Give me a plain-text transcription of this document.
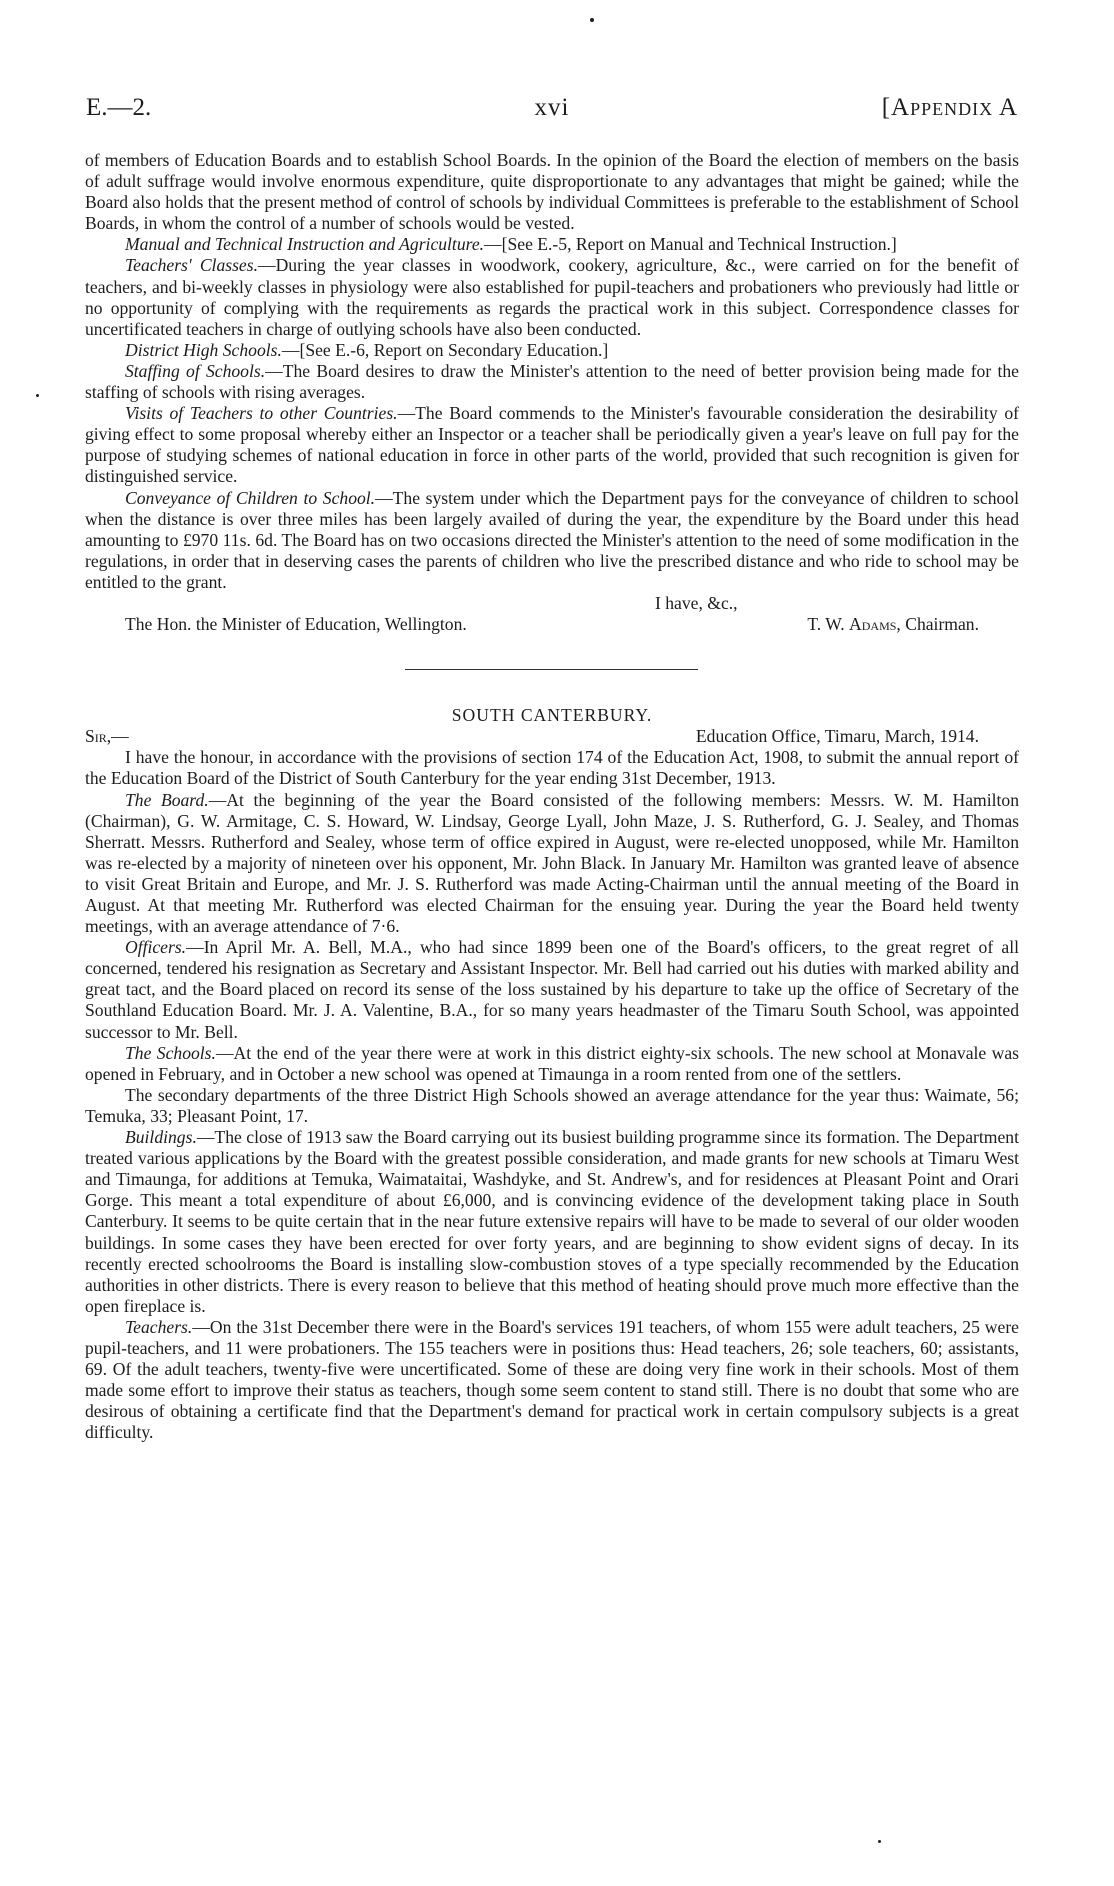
E.—2.	xvi	[Appendix A

of members of Education Boards and to establish School Boards. In the opinion of the Board the election of members on the basis of adult suffrage would involve enormous expenditure, quite disproportionate to any advantages that might be gained; while the Board also holds that the present method of control of schools by individual Committees is preferable to the establishment of School Boards, in whom the control of a number of schools would be vested.

Manual and Technical Instruction and Agriculture.—[See E.-5, Report on Manual and Technical Instruction.]

Teachers' Classes.—During the year classes in woodwork, cookery, agriculture, &c., were carried on for the benefit of teachers, and bi-weekly classes in physiology were also established for pupil-teachers and probationers who previously had little or no opportunity of complying with the requirements as regards the practical work in this subject. Correspondence classes for uncertificated teachers in charge of outlying schools have also been conducted.

District High Schools.—[See E.-6, Report on Secondary Education.]

Staffing of Schools.—The Board desires to draw the Minister's attention to the need of better provision being made for the staffing of schools with rising averages.

Visits of Teachers to other Countries.—The Board commends to the Minister's favourable consideration the desirability of giving effect to some proposal whereby either an Inspector or a teacher shall be periodically given a year's leave on full pay for the purpose of studying schemes of national education in force in other parts of the world, provided that such recognition is given for distinguished service.

Conveyance of Children to School.—The system under which the Department pays for the conveyance of children to school when the distance is over three miles has been largely availed of during the year, the expenditure by the Board under this head amounting to £970 11s. 6d. The Board has on two occasions directed the Minister's attention to the need of some modification in the regulations, in order that in deserving cases the parents of children who live the prescribed distance and who ride to school may be entitled to the grant.

I have, &c.,

The Hon. the Minister of Education, Wellington.	T. W. Adams, Chairman.

SOUTH CANTERBURY.

Sir,—	Education Office, Timaru, March, 1914.

I have the honour, in accordance with the provisions of section 174 of the Education Act, 1908, to submit the annual report of the Education Board of the District of South Canterbury for the year ending 31st December, 1913.

The Board.—At the beginning of the year the Board consisted of the following members: Messrs. W. M. Hamilton (Chairman), G. W. Armitage, C. S. Howard, W. Lindsay, George Lyall, John Maze, J. S. Rutherford, G. J. Sealey, and Thomas Sherratt. Messrs. Rutherford and Sealey, whose term of office expired in August, were re-elected unopposed, while Mr. Hamilton was re-elected by a majority of nineteen over his opponent, Mr. John Black. In January Mr. Hamilton was granted leave of absence to visit Great Britain and Europe, and Mr. J. S. Rutherford was made Acting-Chairman until the annual meeting of the Board in August. At that meeting Mr. Rutherford was elected Chairman for the ensuing year. During the year the Board held twenty meetings, with an average attendance of 7·6.

Officers.—In April Mr. A. Bell, M.A., who had since 1899 been one of the Board's officers, to the great regret of all concerned, tendered his resignation as Secretary and Assistant Inspector. Mr. Bell had carried out his duties with marked ability and great tact, and the Board placed on record its sense of the loss sustained by his departure to take up the office of Secretary of the Southland Education Board. Mr. J. A. Valentine, B.A., for so many years headmaster of the Timaru South School, was appointed successor to Mr. Bell.

The Schools.—At the end of the year there were at work in this district eighty-six schools. The new school at Monavale was opened in February, and in October a new school was opened at Timaunga in a room rented from one of the settlers.

The secondary departments of the three District High Schools showed an average attendance for the year thus: Waimate, 56; Temuka, 33; Pleasant Point, 17.

Buildings.—The close of 1913 saw the Board carrying out its busiest building programme since its formation. The Department treated various applications by the Board with the greatest possible consideration, and made grants for new schools at Timaru West and Timaunga, for additions at Temuka, Waimataitai, Washdyke, and St. Andrew's, and for residences at Pleasant Point and Orari Gorge. This meant a total expenditure of about £6,000, and is convincing evidence of the development taking place in South Canterbury. It seems to be quite certain that in the near future extensive repairs will have to be made to several of our older wooden buildings. In some cases they have been erected for over forty years, and are beginning to show evident signs of decay. In its recently erected schoolrooms the Board is installing slow-combustion stoves of a type specially recommended by the Education authorities in other districts. There is every reason to believe that this method of heating should prove much more effective than the open fireplace is.

Teachers.—On the 31st December there were in the Board's services 191 teachers, of whom 155 were adult teachers, 25 were pupil-teachers, and 11 were probationers. The 155 teachers were in positions thus: Head teachers, 26; sole teachers, 60; assistants, 69. Of the adult teachers, twenty-five were uncertificated. Some of these are doing very fine work in their schools. Most of them made some effort to improve their status as teachers, though some seem content to stand still. There is no doubt that some who are desirous of obtaining a certificate find that the Department's demand for practical work in certain compulsory subjects is a great difficulty.
